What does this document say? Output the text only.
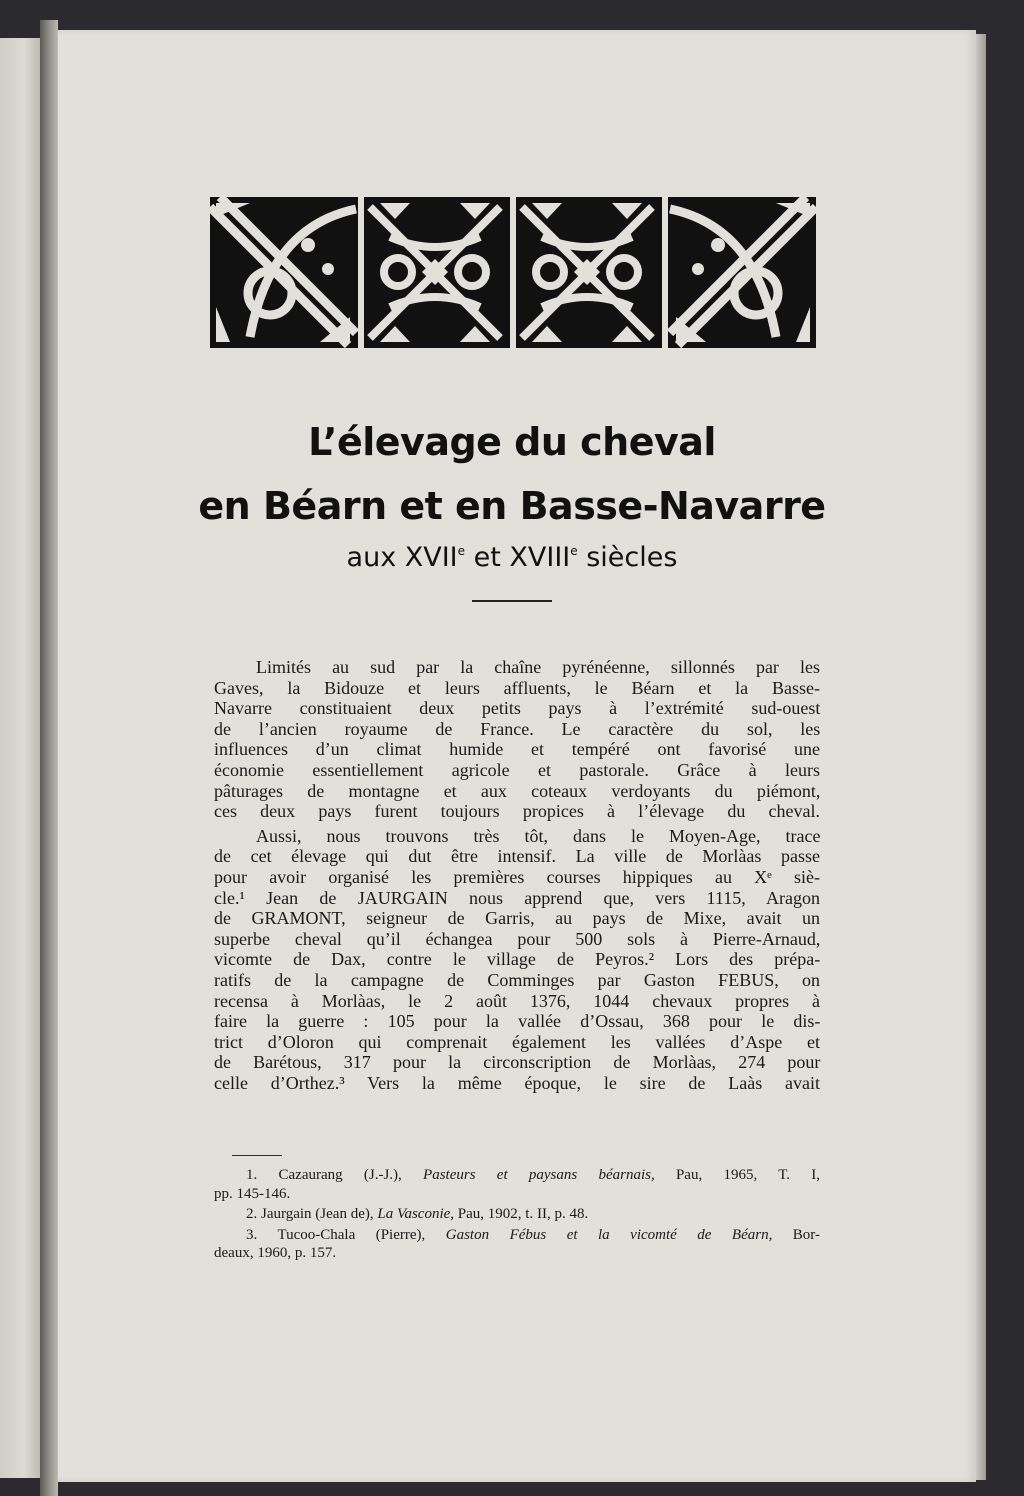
L’élevage du cheval
en Béarn et en Basse-Navarre
aux XVIIe et XVIIIe siècles
Limités au sud par la chaîne pyrénéenne, sillonnés par les
Gaves, la Bidouze et leurs affluents, le Béarn et la Basse-
Navarre constituaient deux petits pays à l’extrémité sud-ouest
de l’ancien royaume de France. Le caractère du sol, les
influences d’un climat humide et tempéré ont favorisé une
économie essentiellement agricole et pastorale. Grâce à leurs
pâturages de montagne et aux coteaux verdoyants du piémont,
ces deux pays furent toujours propices à l’élevage du cheval.
Aussi, nous trouvons très tôt, dans le Moyen-Age, trace
de cet élevage qui dut être intensif. La ville de Morlàas passe
pour avoir organisé les premières courses hippiques au Xᵉ siè-
cle.¹ Jean de JAURGAIN nous apprend que, vers 1115, Aragon
de GRAMONT, seigneur de Garris, au pays de Mixe, avait un
superbe cheval qu’il échangea pour 500 sols à Pierre-Arnaud,
vicomte de Dax, contre le village de Peyros.² Lors des prépa-
ratifs de la campagne de Comminges par Gaston FEBUS, on
recensa à Morlàas, le 2 août 1376, 1044 chevaux propres à
faire la guerre : 105 pour la vallée d’Ossau, 368 pour le dis-
trict d’Oloron qui comprenait également les vallées d’Aspe et
de Barétous, 317 pour la circonscription de Morlàas, 274 pour
celle d’Orthez.³ Vers la même époque, le sire de Laàs avait
1. Cazaurang (J.-J.), Pasteurs et paysans béarnais, Pau, 1965, T. I,
pp. 145-146.
2. Jaurgain (Jean de), La Vasconie, Pau, 1902, t. II, p. 48.
3. Tucoo-Chala (Pierre), Gaston Fébus et la vicomté de Béarn, Bor-
deaux, 1960, p. 157.
